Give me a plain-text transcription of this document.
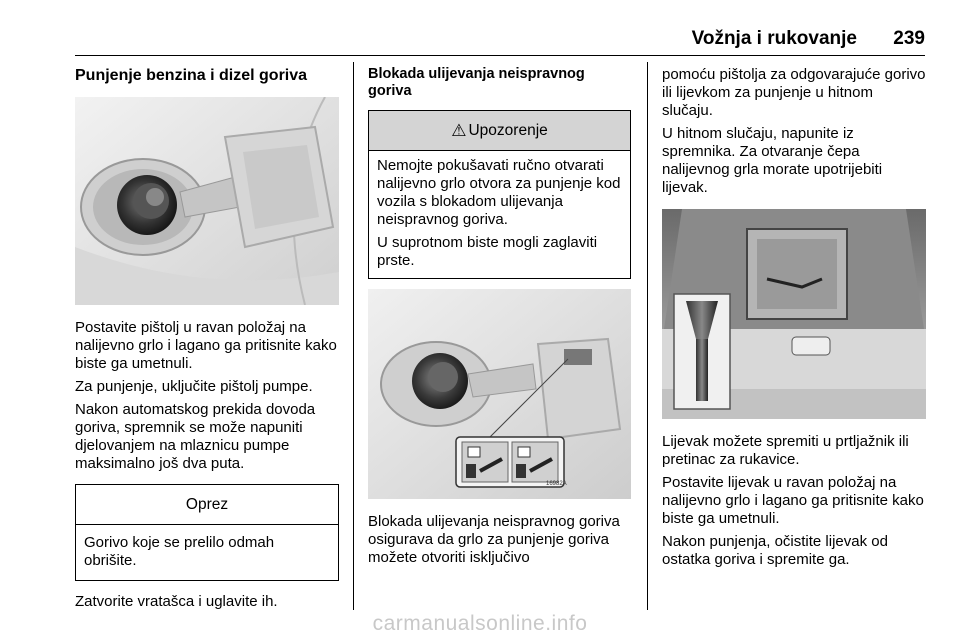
Vožnja i rukovanje 239
Punjenje benzina i dizel goriva
Postavite pištolj u ravan položaj na nalijevno grlo i lagano ga pritisnite kako biste ga umetnuli.
Za punjenje, uključite pištolj pumpe.
Nakon automatskog prekida dovoda goriva, spremnik se može napuniti djelovanjem na mlaznicu pumpe maksimalno još dva puta.
Oprez
Gorivo koje se prelilo odmah obrišite.
Zatvorite vratašca i uglavite ih.
Blokada ulijevanja neispravnog goriva
⚠ Upozorenje
Nemojte pokušavati ručno otvarati nalijevno grlo otvora za punjenje kod vozila s blokadom ulijevanja neispravnog goriva.
U suprotnom biste mogli zaglaviti prste.
16982A
Blokada ulijevanja neispravnog goriva osigurava da grlo za punjenje goriva možete otvoriti isključivo
pomoću pištolja za odgovarajuće gorivo ili lijevkom za punjenje u hitnom slučaju.
U hitnom slučaju, napunite iz spremnika. Za otvaranje čepa nalijevnog grla morate upotrijebiti lijevak.
Lijevak možete spremiti u prtljažnik ili pretinac za rukavice.
Postavite lijevak u ravan položaj na nalijevno grlo i lagano ga pritisnite kako biste ga umetnuli.
Nakon punjenja, očistite lijevak od ostatka goriva i spremite ga.
carmanualsonline.info
